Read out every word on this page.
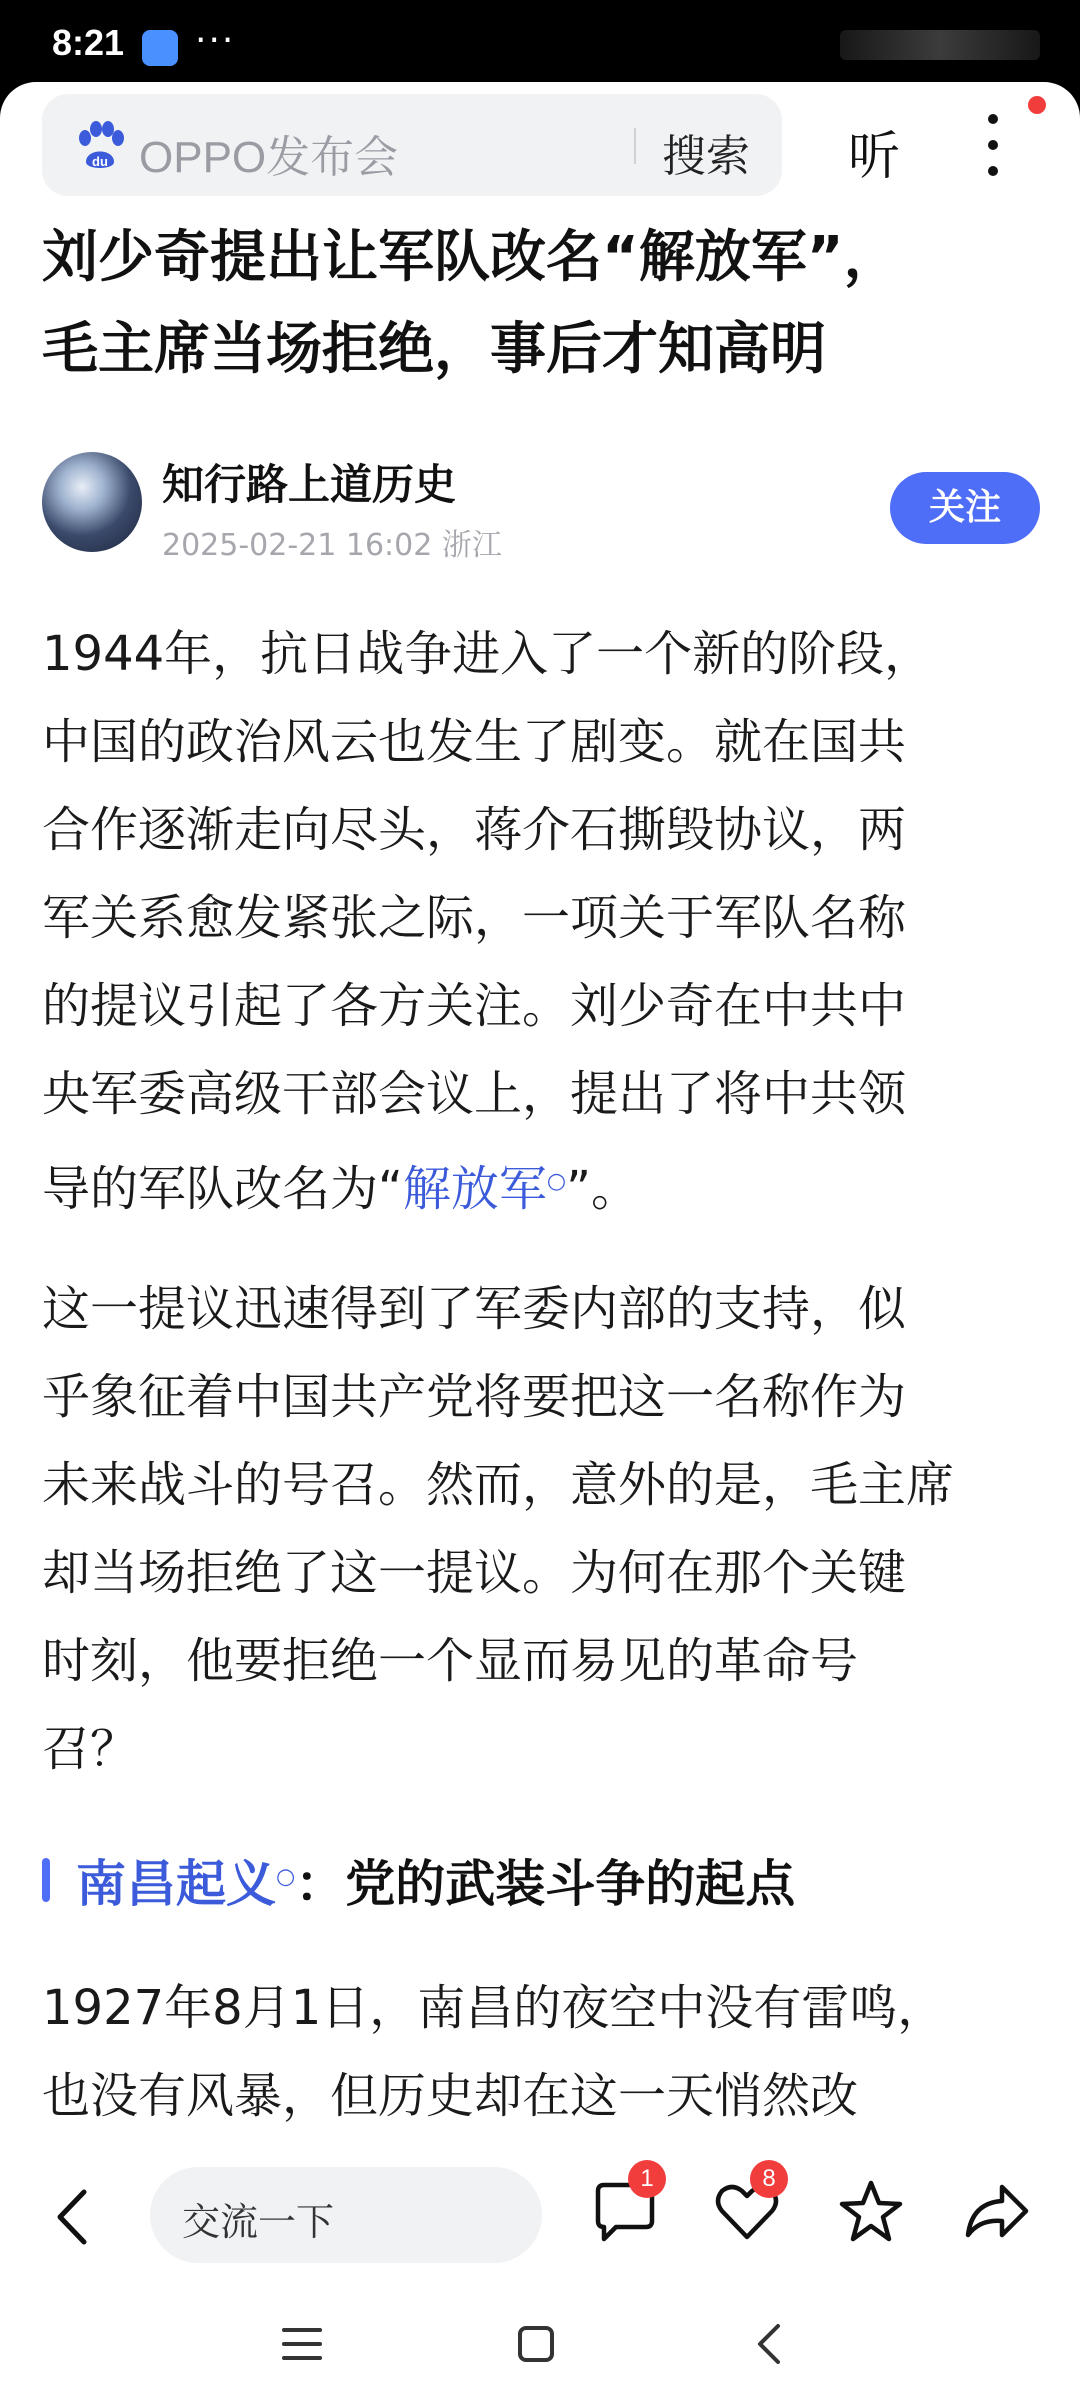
8:21 ···
du OPPO发布会	搜索 听
刘少奇提出让军队改名“解放军”，
毛主席当场拒绝，事后才知高明
知行路上道历史
2025-02-21 16:02 浙江
关注
1944年，抗日战争进入了一个新的阶段，
中国的政治风云也发生了剧变。就在国共
合作逐渐走向尽头，蒋介石撕毁协议，两
军关系愈发紧张之际，一项关于军队名称
的提议引起了各方关注。刘少奇在中共中
央军委高级干部会议上，提出了将中共领
导的军队改名为“解放军○”。
这一提议迅速得到了军委内部的支持，似
乎象征着中国共产党将要把这一名称作为
未来战斗的号召。然而，意外的是，毛主席
却当场拒绝了这一提议。为何在那个关键
时刻，他要拒绝一个显而易见的革命号
召？
南昌起义○：党的武装斗争的起点
1927年8月1日，南昌的夜空中没有雷鸣，
也没有风暴，但历史却在这一天悄然改
交流一下
1	8
